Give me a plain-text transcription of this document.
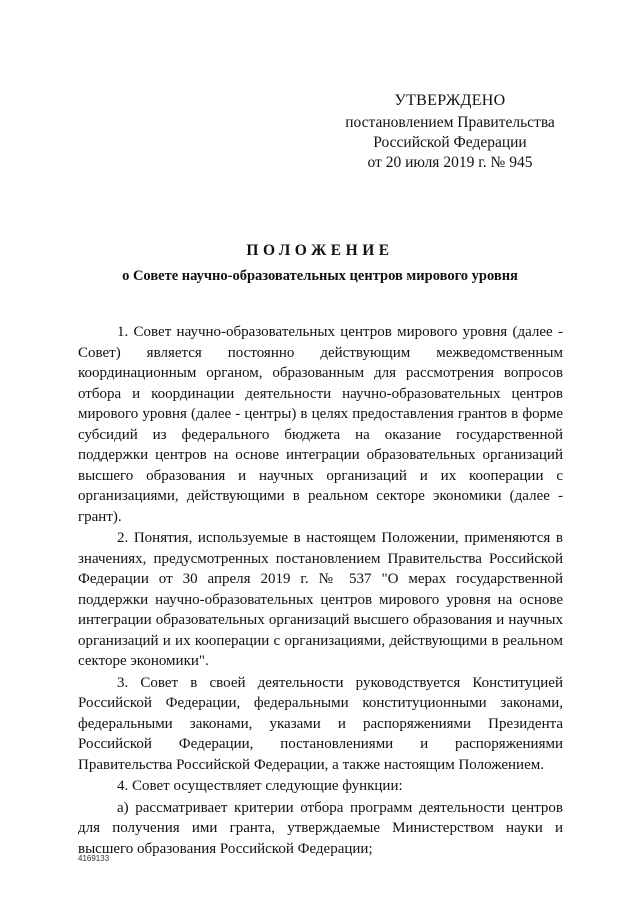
УТВЕРЖДЕНО
постановлением Правительства
Российской Федерации
от 20 июля 2019 г. № 945
ПОЛОЖЕНИЕ
о Совете научно-образовательных центров мирового уровня

1. Совет научно-образовательных центров мирового уровня (далее - Совет) является постоянно действующим межведомственным координационным органом, образованным для рассмотрения вопросов отбора и координации деятельности научно-образовательных центров мирового уровня (далее - центры) в целях предоставления грантов в форме субсидий из федерального бюджета на оказание государственной поддержки центров на основе интеграции образовательных организаций высшего образования и научных организаций и их кооперации с организациями, действующими в реальном секторе экономики (далее - грант).

2. Понятия, используемые в настоящем Положении, применяются в значениях, предусмотренных постановлением Правительства Российской Федерации от 30 апреля 2019 г. № 537 "О мерах государственной поддержки научно-образовательных центров мирового уровня на основе интеграции образовательных организаций высшего образования и научных организаций и их кооперации с организациями, действующими в реальном секторе экономики".

3. Совет в своей деятельности руководствуется Конституцией Российской Федерации, федеральными конституционными законами, федеральными законами, указами и распоряжениями Президента Российской Федерации, постановлениями и распоряжениями Правительства Российской Федерации, а также настоящим Положением.

4. Совет осуществляет следующие функции:

а) рассматривает критерии отбора программ деятельности центров для получения ими гранта, утверждаемые Министерством науки и высшего образования Российской Федерации;

4169133
